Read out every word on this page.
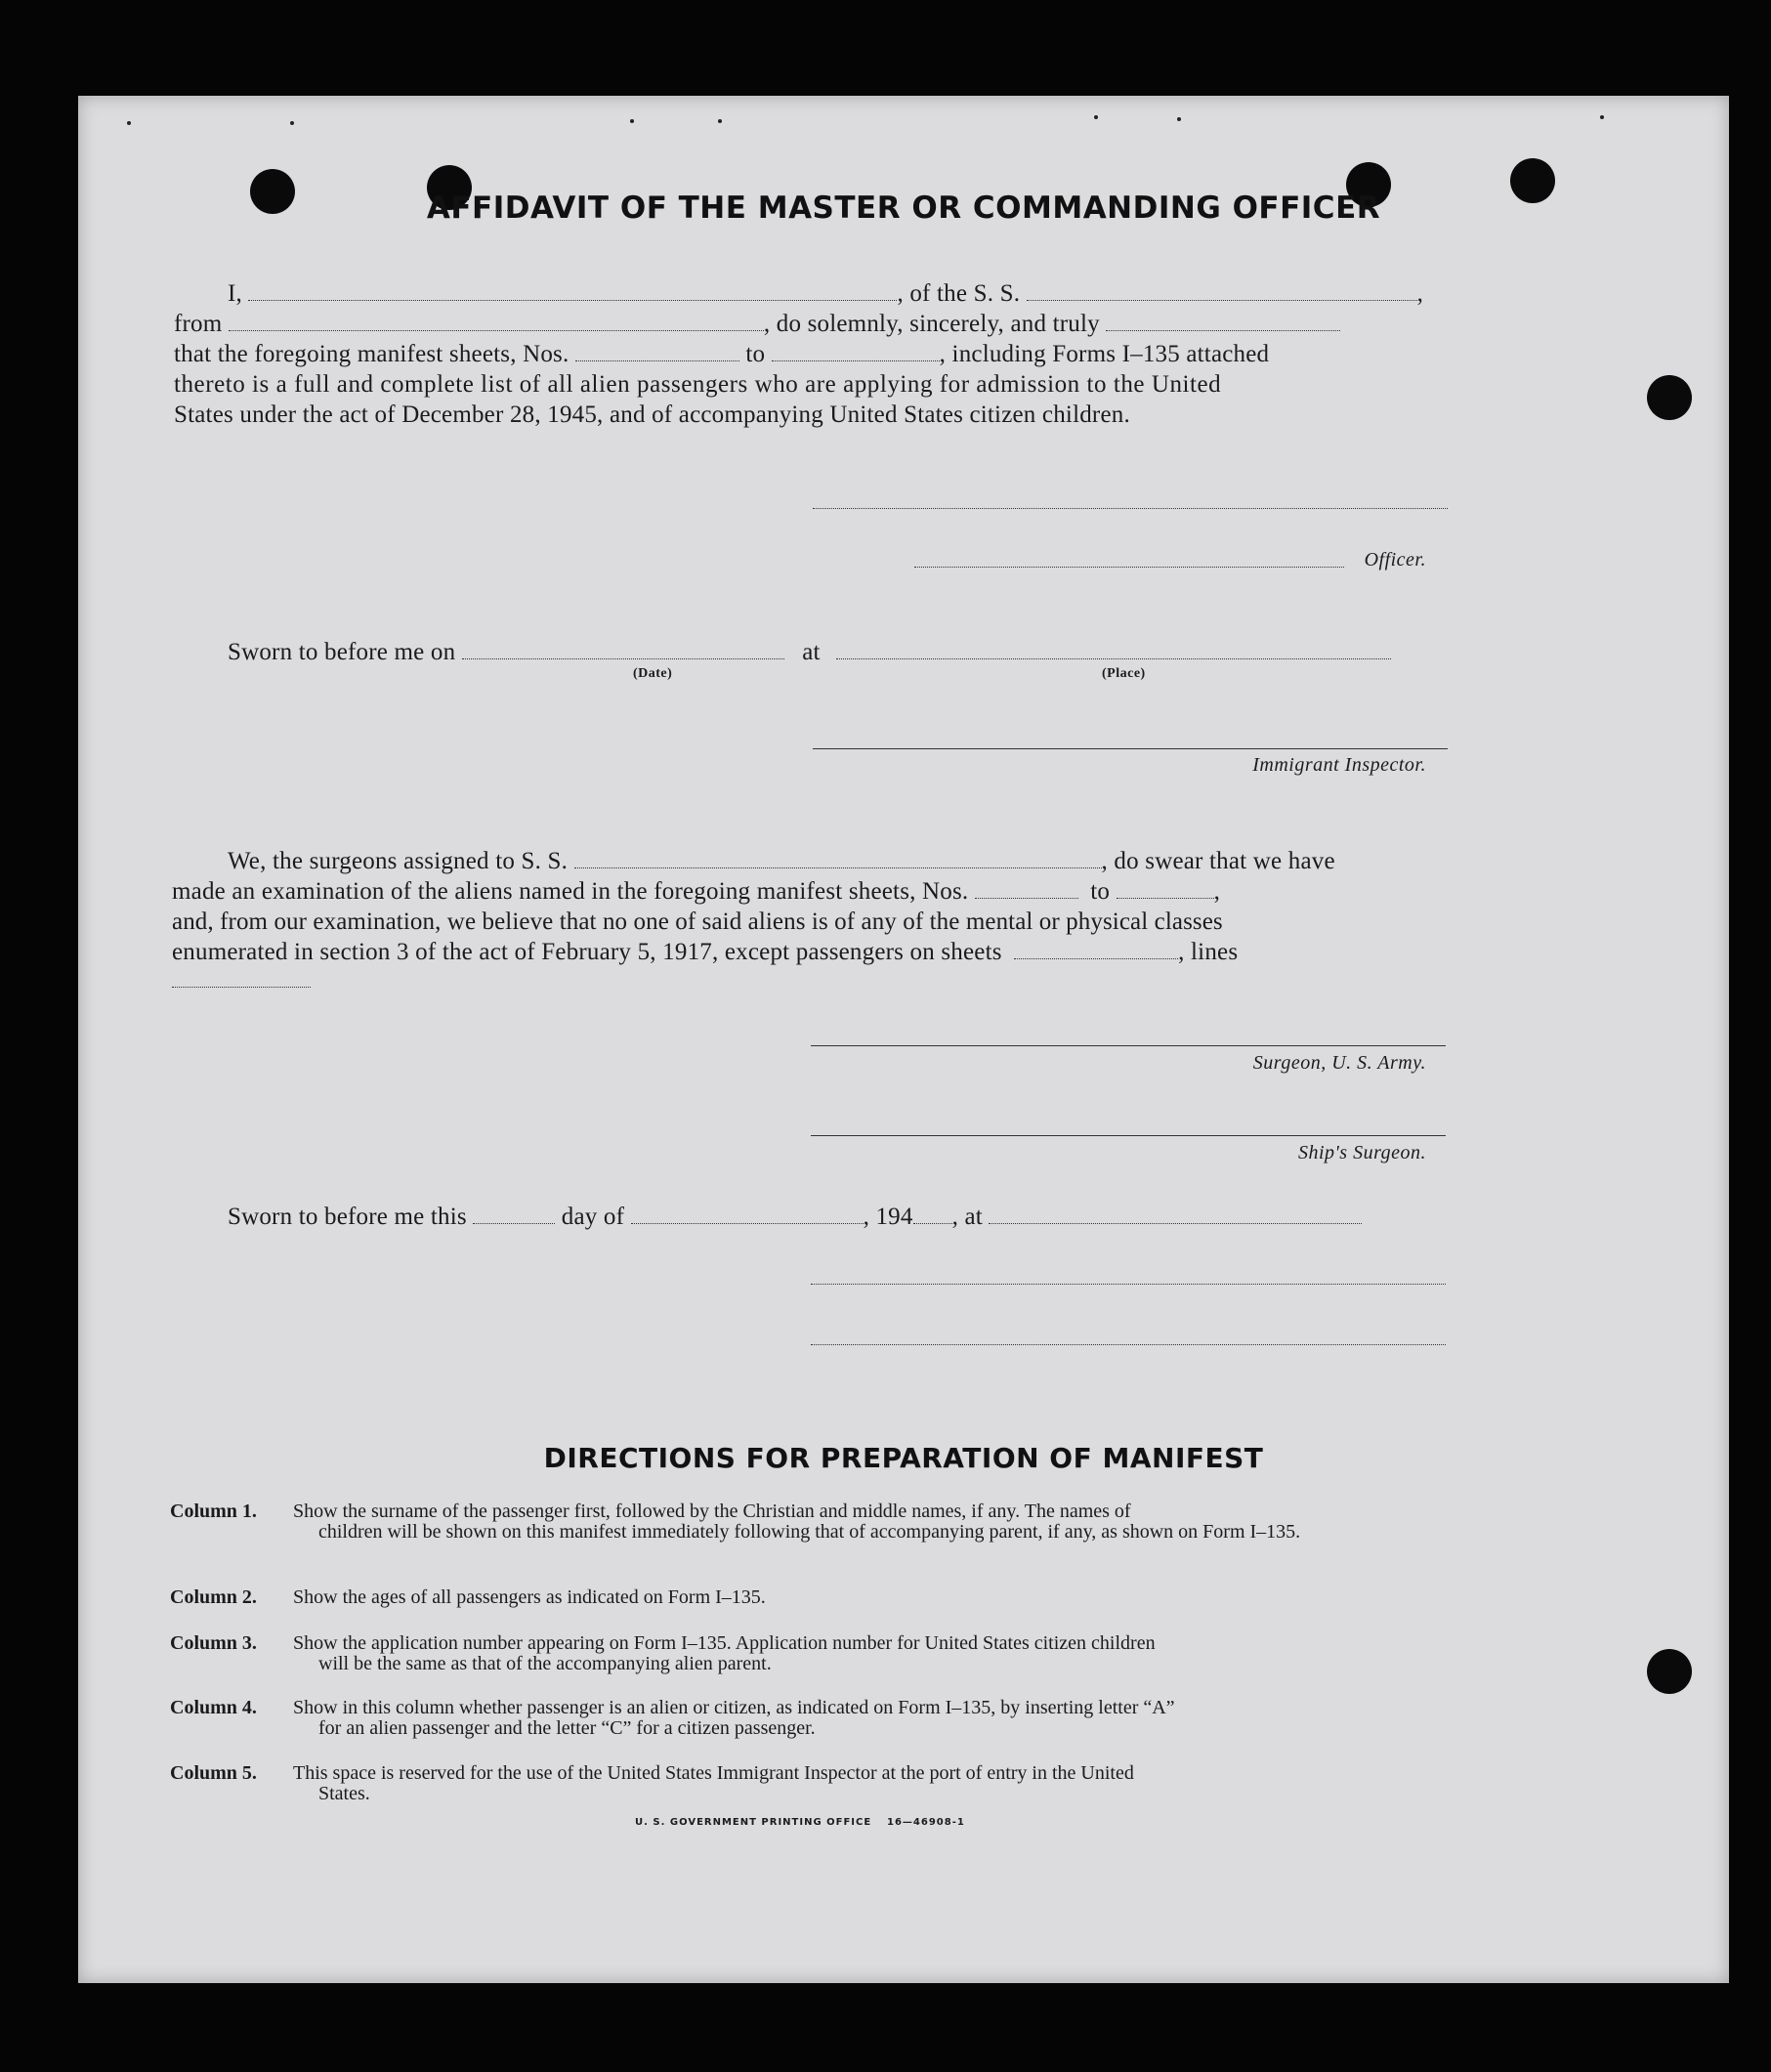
AFFIDAVIT OF THE MASTER OR COMMANDING OFFICER
I,	, of the S. S.	,
from	, do solemnly, sincerely, and truly
that the foregoing manifest sheets, Nos.	to	, including Forms I–135 attached
thereto is a full and complete list of all alien passengers who are applying for admission to the United
States under the act of December 28, 1945, and of accompanying United States citizen children.
Officer.
Sworn to before me on	at
(Date)	(Place)
Immigrant Inspector.
We, the surgeons assigned to S. S.	, do swear that we have
made an examination of the aliens named in the foregoing manifest sheets, Nos.	to	,
and, from our examination, we believe that no one of said aliens is of any of the mental or physical classes
enumerated in section 3 of the act of February 5, 1917, except passengers on sheets	, lines
Surgeon, U. S. Army.
Ship's Surgeon.
Sworn to before me this	day of	, 194 , at
DIRECTIONS FOR PREPARATION OF MANIFEST
Column 1.	Show the surname of the passenger first, followed by the Christian and middle names, if any. The names of
children will be shown on this manifest immediately following that of accompanying parent, if any, as shown on Form I–135.
Column 2.	Show the ages of all passengers as indicated on Form I–135.
Column 3.	Show the application number appearing on Form I–135. Application number for United States citizen children
will be the same as that of the accompanying alien parent.
Column 4.	Show in this column whether passenger is an alien or citizen, as indicated on Form I–135, by inserting letter “A”
for an alien passenger and the letter “C” for a citizen passenger.
Column 5.	This space is reserved for the use of the United States Immigrant Inspector at the port of entry in the United
States.
U. S. GOVERNMENT PRINTING OFFICE 16—46908-1
